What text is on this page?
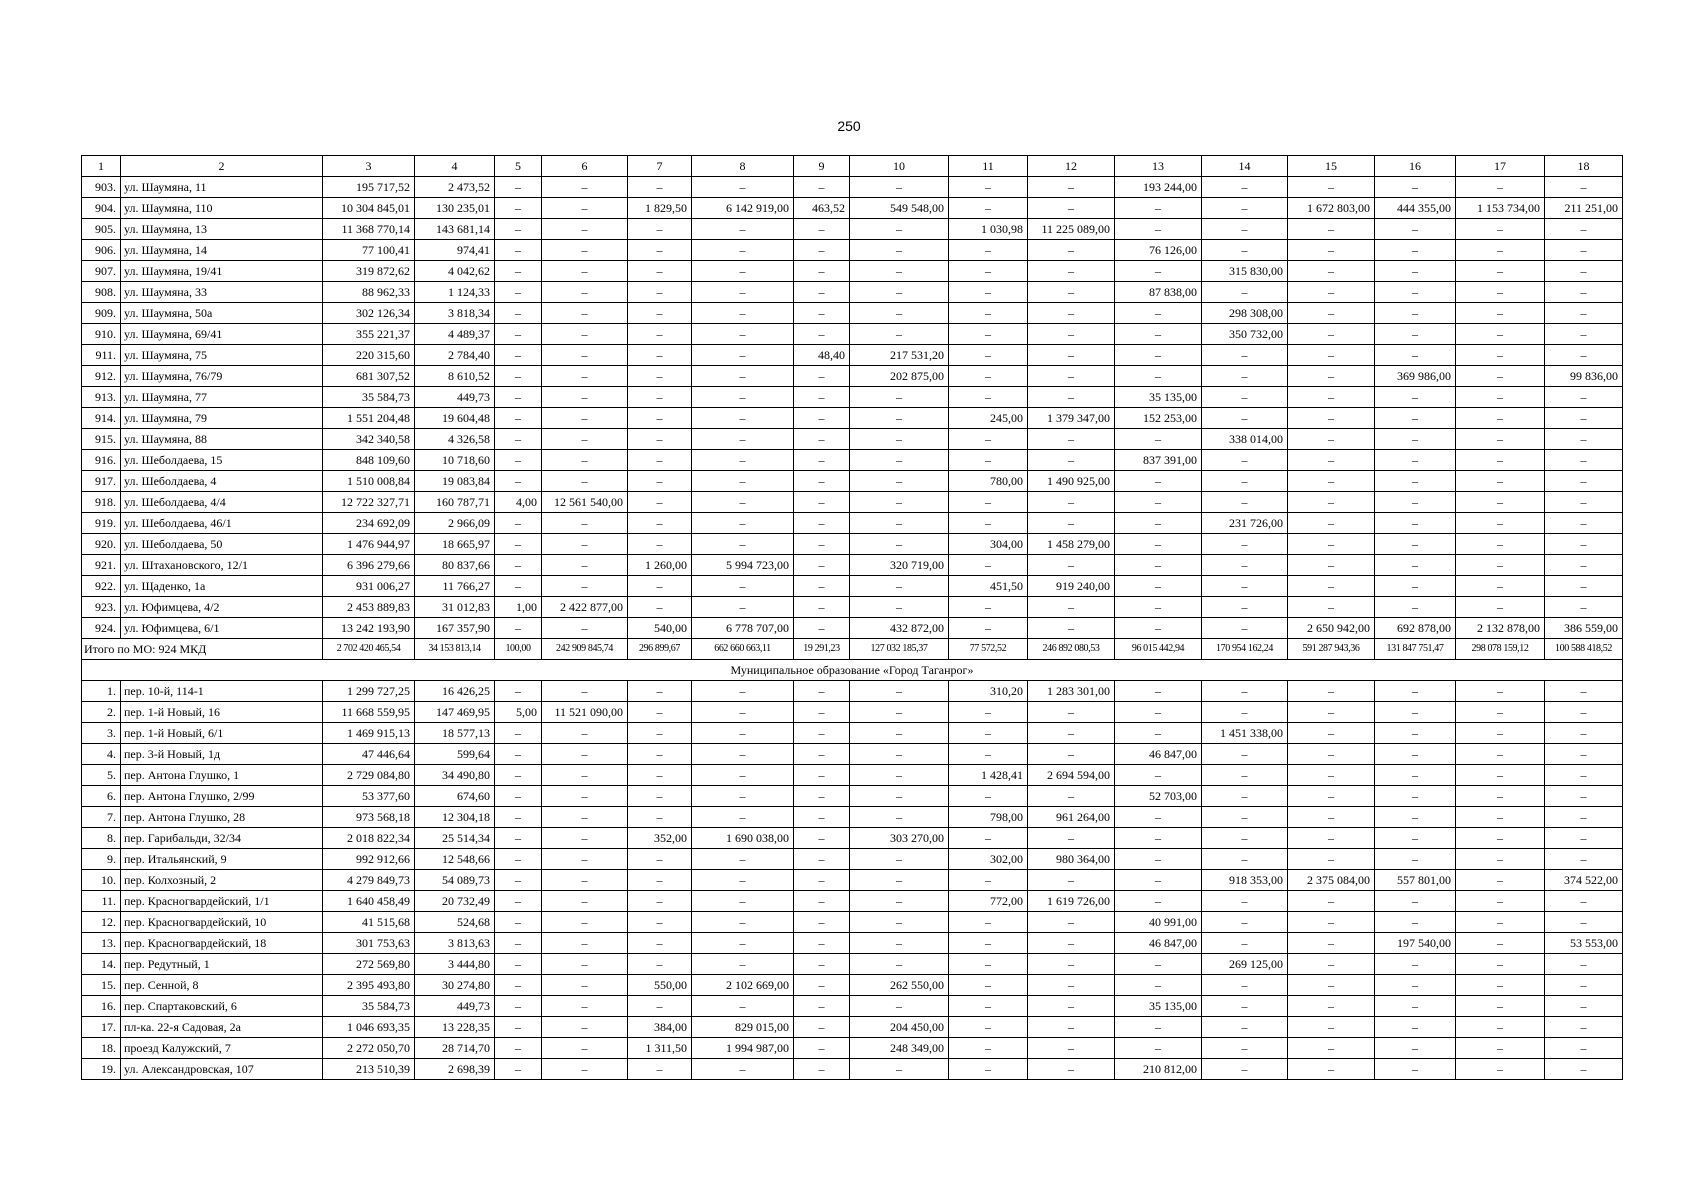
250
1	2	3	4	5	6	7	8	9	10	11	12	13	14	15	16	17	18
903.	ул. Шаумяна, 11	195 717,52	2 473,52	–	–	–	–	–	–	–	–	193 244,00	–	–	–	–	–
904.	ул. Шаумяна, 110	10 304 845,01	130 235,01	–	–	1 829,50	6 142 919,00	463,52	549 548,00	–	–	–	–	1 672 803,00	444 355,00	1 153 734,00	211 251,00
905.	ул. Шаумяна, 13	11 368 770,14	143 681,14	–	–	–	–	–	–	1 030,98	11 225 089,00	–	–	–	–	–	–
906.	ул. Шаумяна, 14	77 100,41	974,41	–	–	–	–	–	–	–	–	76 126,00	–	–	–	–	–
907.	ул. Шаумяна, 19/41	319 872,62	4 042,62	–	–	–	–	–	–	–	–	–	315 830,00	–	–	–	–
908.	ул. Шаумяна, 33	88 962,33	1 124,33	–	–	–	–	–	–	–	–	87 838,00	–	–	–	–	–
909.	ул. Шаумяна, 50а	302 126,34	3 818,34	–	–	–	–	–	–	–	–	–	298 308,00	–	–	–	–
910.	ул. Шаумяна, 69/41	355 221,37	4 489,37	–	–	–	–	–	–	–	–	–	350 732,00	–	–	–	–
911.	ул. Шаумяна, 75	220 315,60	2 784,40	–	–	–	–	48,40	217 531,20	–	–	–	–	–	–	–	–
912.	ул. Шаумяна, 76/79	681 307,52	8 610,52	–	–	–	–	–	202 875,00	–	–	–	–	–	369 986,00	–	99 836,00
913.	ул. Шаумяна, 77	35 584,73	449,73	–	–	–	–	–	–	–	–	35 135,00	–	–	–	–	–
914.	ул. Шаумяна, 79	1 551 204,48	19 604,48	–	–	–	–	–	–	245,00	1 379 347,00	152 253,00	–	–	–	–	–
915.	ул. Шаумяна, 88	342 340,58	4 326,58	–	–	–	–	–	–	–	–	–	338 014,00	–	–	–	–
916.	ул. Шеболдаева, 15	848 109,60	10 718,60	–	–	–	–	–	–	–	–	837 391,00	–	–	–	–	–
917.	ул. Шеболдаева, 4	1 510 008,84	19 083,84	–	–	–	–	–	–	780,00	1 490 925,00	–	–	–	–	–	–
918.	ул. Шеболдаева, 4/4	12 722 327,71	160 787,71	4,00	12 561 540,00	–	–	–	–	–	–	–	–	–	–	–	–
919.	ул. Шеболдаева, 46/1	234 692,09	2 966,09	–	–	–	–	–	–	–	–	–	231 726,00	–	–	–	–
920.	ул. Шеболдаева, 50	1 476 944,97	18 665,97	–	–	–	–	–	–	304,00	1 458 279,00	–	–	–	–	–	–
921.	ул. Штахановского, 12/1	6 396 279,66	80 837,66	–	–	1 260,00	5 994 723,00	–	320 719,00	–	–	–	–	–	–	–	–
922.	ул. Щаденко, 1а	931 006,27	11 766,27	–	–	–	–	–	–	451,50	919 240,00	–	–	–	–	–	–
923.	ул. Юфимцева, 4/2	2 453 889,83	31 012,83	1,00	2 422 877,00	–	–	–	–	–	–	–	–	–	–	–	–
924.	ул. Юфимцева, 6/1	13 242 193,90	167 357,90	–	–	540,00	6 778 707,00	–	432 872,00	–	–	–	–	2 650 942,00	692 878,00	2 132 878,00	386 559,00
Итого по МО: 924 МКД		2 702 420 465,54	34 153 813,14	100,00	242 909 845,74	296 899,67	662 660 663,11	19 291,23	127 032 185,37	77 572,52	246 892 080,53	96 015 442,94	170 954 162,24	591 287 943,36	131 847 751,47	298 078 159,12	100 588 418,52
Муниципальное образование «Город Таганрог»																	
1.	пер. 10-й, 114-1	1 299 727,25	16 426,25	–	–	–	–	–	–	310,20	1 283 301,00	–	–	–	–	–	–
2.	пер. 1-й Новый, 16	11 668 559,95	147 469,95	5,00	11 521 090,00	–	–	–	–	–	–	–	–	–	–	–	–
3.	пер. 1-й Новый, 6/1	1 469 915,13	18 577,13	–	–	–	–	–	–	–	–	–	1 451 338,00	–	–	–	–
4.	пер. 3-й Новый, 1д	47 446,64	599,64	–	–	–	–	–	–	–	–	46 847,00	–	–	–	–	–
5.	пер. Антона Глушко, 1	2 729 084,80	34 490,80	–	–	–	–	–	–	1 428,41	2 694 594,00	–	–	–	–	–	–
6.	пер. Антона Глушко, 2/99	53 377,60	674,60	–	–	–	–	–	–	–	–	52 703,00	–	–	–	–	–
7.	пер. Антона Глушко, 28	973 568,18	12 304,18	–	–	–	–	–	–	798,00	961 264,00	–	–	–	–	–	–
8.	пер. Гарибальди, 32/34	2 018 822,34	25 514,34	–	–	352,00	1 690 038,00	–	303 270,00	–	–	–	–	–	–	–	–
9.	пер. Итальянский, 9	992 912,66	12 548,66	–	–	–	–	–	–	302,00	980 364,00	–	–	–	–	–	–
10.	пер. Колхозный, 2	4 279 849,73	54 089,73	–	–	–	–	–	–	–	–	–	918 353,00	2 375 084,00	557 801,00	–	374 522,00
11.	пер. Красногвардейский, 1/1	1 640 458,49	20 732,49	–	–	–	–	–	–	772,00	1 619 726,00	–	–	–	–	–	–
12.	пер. Красногвардейский, 10	41 515,68	524,68	–	–	–	–	–	–	–	–	40 991,00	–	–	–	–	–
13.	пер. Красногвардейский, 18	301 753,63	3 813,63	–	–	–	–	–	–	–	–	46 847,00	–	–	197 540,00	–	53 553,00
14.	пер. Редутный, 1	272 569,80	3 444,80	–	–	–	–	–	–	–	–	–	269 125,00	–	–	–	–
15.	пер. Сенной, 8	2 395 493,80	30 274,80	–	–	550,00	2 102 669,00	–	262 550,00	–	–	–	–	–	–	–	–
16.	пер. Спартаковский, 6	35 584,73	449,73	–	–	–	–	–	–	–	–	35 135,00	–	–	–	–	–
17.	пл-ка. 22-я Садовая, 2а	1 046 693,35	13 228,35	–	–	384,00	829 015,00	–	204 450,00	–	–	–	–	–	–	–	–
18.	проезд Калужский, 7	2 272 050,70	28 714,70	–	–	1 311,50	1 994 987,00	–	248 349,00	–	–	–	–	–	–	–	–
19.	ул. Александровская, 107	213 510,39	2 698,39	–	–	–	–	–	–	–	–	210 812,00	–	–	–	–	–
